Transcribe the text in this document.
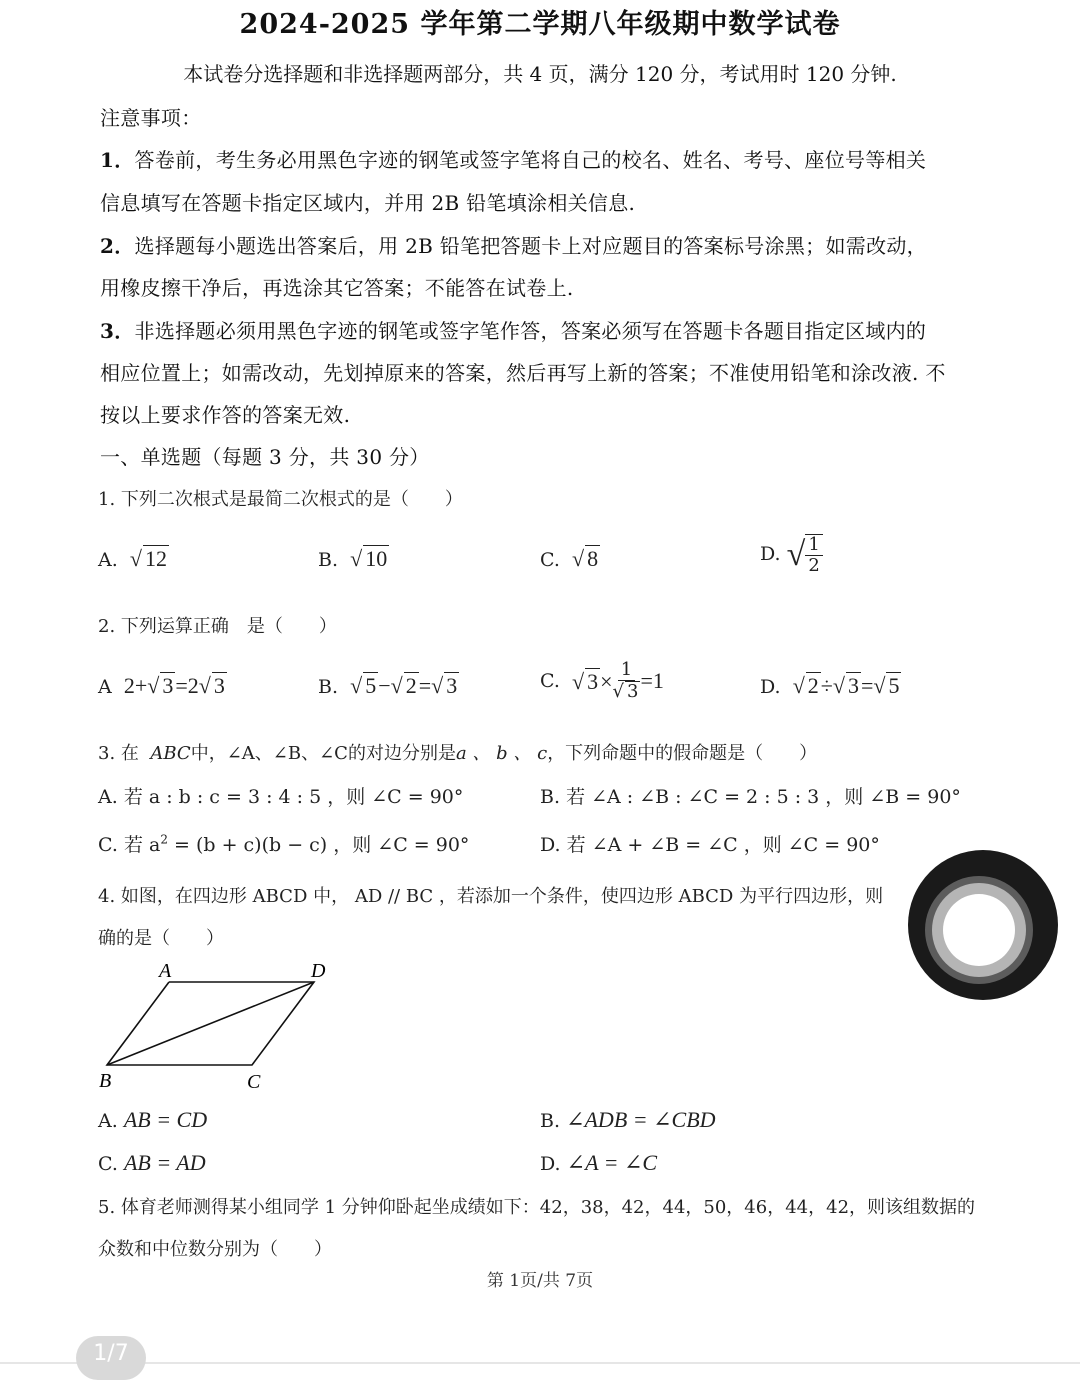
2024-2025 学年第二学期八年级期中数学试卷
本试卷分选择题和非选择题两部分，共 4 页，满分 120 分，考试用时 120 分钟.
注意事项：
1．答卷前，考生务必用黑色字迹的钢笔或签字笔将自己的校名、姓名、考号、座位号等相关
信息填写在答题卡指定区域内，并用 2B 铅笔填涂相关信息.
2．选择题每小题选出答案后，用 2B 铅笔把答题卡上对应题目的答案标号涂黑；如需改动，
用橡皮擦干净后，再选涂其它答案；不能答在试卷上.
3．非选择题必须用黑色字迹的钢笔或签字笔作答，答案必须写在答题卡各题目指定区域内的
相应位置上；如需改动，先划掉原来的答案，然后再写上新的答案；不准使用铅笔和涂改液. 不
按以上要求作答的答案无效.
一、单选题（每题 3 分，共 30 分）
1. 下列二次根式是最简二次根式的是（　　）
A. √ 12	B. √ 10	C. √ 8	D. √ $\frac{1}{2}$
2. 下列运算正确　是（　　）
A 2+√ 3=2√ 3	B. √ 5−√ 2=√ 3	C. √ $3\times \frac{1}{√ 3} =1$	D. √ 2÷√ 3=√ 5
3. 在 ABC中，∠A、∠B、∠C的对边分别是a 、 b 、 c，下列命题中的假命题是（　　）
A. 若 a : b : c = 3 : 4 : 5 ，则 ∠C = 90°	B. 若 ∠A : ∠B : ∠C = 2 : 5 : 3 ，则 ∠B = 90°
C. 若 $a^2 = (b + c)(b - c)$ ，则 ∠C = 90°	D. 若 ∠A + ∠B = ∠C ，则 ∠C = 90°
4. 如图，在四边形 ABCD 中， AD // BC ，若添加一个条件，使四边形 ABCD 为平行四边形，则
确的是（　　）
A	D
B	C
A. AB = CD	B. ∠ADB = ∠CBD
C. AB = AD	D. ∠A = ∠C
5. 体育老师测得某小组同学 1 分钟仰卧起坐成绩如下：42，38，42，44，50，46，44，42，则该组数据的
众数和中位数分别为（　　）
第 1页/共 7页
1/7
